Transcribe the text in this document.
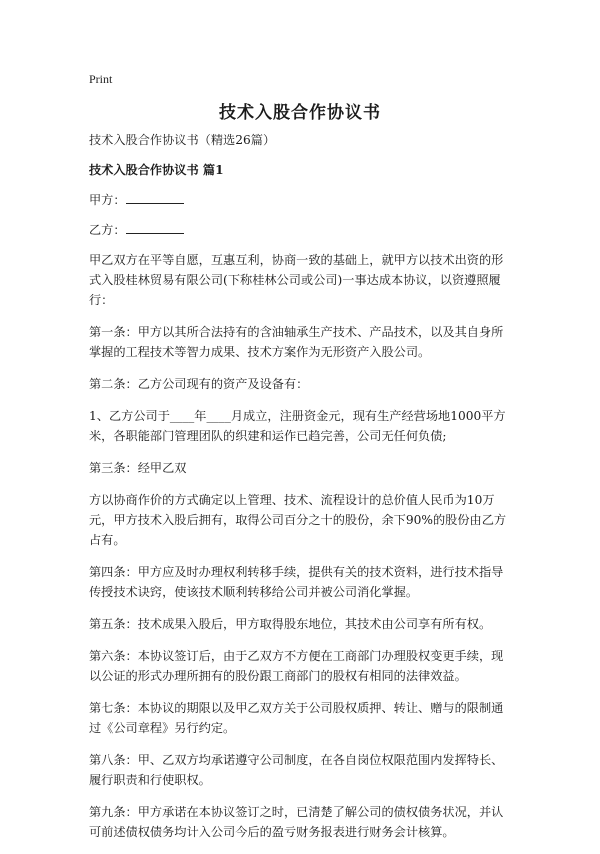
Print
技术入股合作协议书

技术入股合作协议书（精选26篇）

技术入股合作协议书 篇1

甲方：

乙方：

甲乙双方在平等自愿，互惠互利，协商一致的基础上，就甲方以技术出资的形式入股桂林贸易有限公司(下称桂林公司或公司)一事达成本协议，以资遵照履行：

第一条：甲方以其所合法持有的含油轴承生产技术、产品技术，以及其自身所掌握的工程技术等智力成果、技术方案作为无形资产入股公司。

第二条：乙方公司现有的资产及设备有：

1、乙方公司于____年____月成立，注册资金元，现有生产经营场地1000平方米，各职能部门管理团队的织建和运作已趋完善，公司无任何负债;

第三条：经甲乙双

方以协商作价的方式确定以上管理、技术、流程设计的总价值人民币为10万元，甲方技术入股后拥有，取得公司百分之十的股份，余下90%的股份由乙方占有。

第四条：甲方应及时办理权利转移手续，提供有关的技术资料，进行技术指导传授技术诀窍，使该技术顺利转移给公司并被公司消化掌握。

第五条：技术成果入股后，甲方取得股东地位，其技术由公司享有所有权。

第六条：本协议签订后，由于乙双方不方便在工商部门办理股权变更手续，现以公证的形式办理所拥有的股份跟工商部门的股权有相同的法律效益。

第七条：本协议的期限以及甲乙双方关于公司股权质押、转让、赠与的限制通过《公司章程》另行约定。

第八条：甲、乙双方均承诺遵守公司制度，在各自岗位权限范围内发挥特长、履行职责和行使职权。

第九条：甲方承诺在本协议签订之时，已清楚了解公司的债权债务状况，并认可前述债权债务均计入公司今后的盈亏财务报表进行财务会计核算。
